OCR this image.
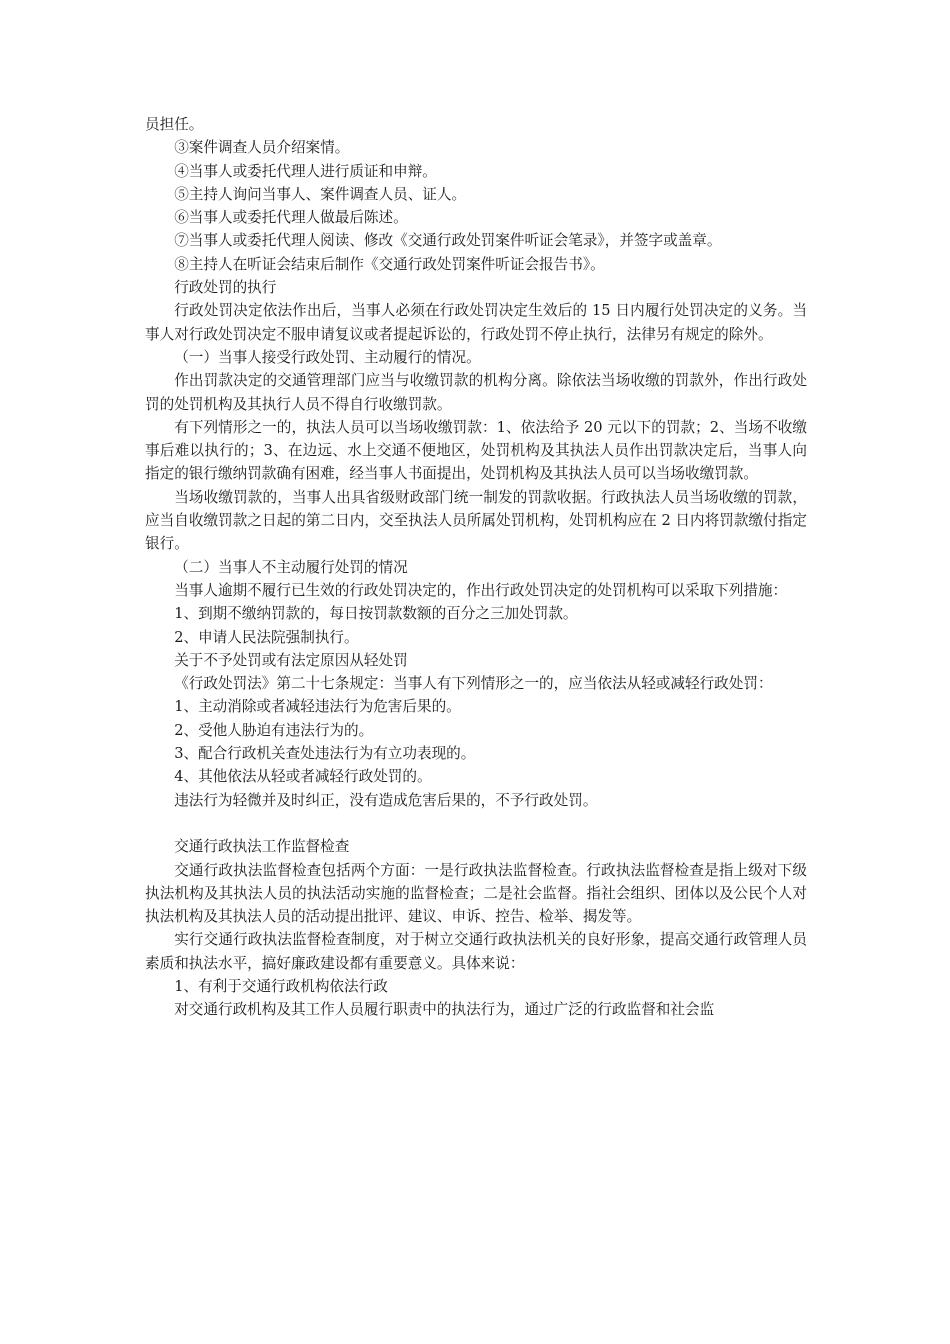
员担任。

③案件调查人员介绍案情。

④当事人或委托代理人进行质证和申辩。

⑤主持人询问当事人、案件调查人员、证人。

⑥当事人或委托代理人做最后陈述。

⑦当事人或委托代理人阅读、修改《交通行政处罚案件听证会笔录》，并签字或盖章。

⑧主持人在听证会结束后制作《交通行政处罚案件听证会报告书》。

行政处罚的执行

行政处罚决定依法作出后，当事人必须在行政处罚决定生效后的 15 日内履行处罚决定的义务。当事人对行政处罚决定不服申请复议或者提起诉讼的，行政处罚不停止执行，法律另有规定的除外。

（一）当事人接受行政处罚、主动履行的情况。

作出罚款决定的交通管理部门应当与收缴罚款的机构分离。除依法当场收缴的罚款外，作出行政处罚的处罚机构及其执行人员不得自行收缴罚款。

有下列情形之一的，执法人员可以当场收缴罚款：1、依法给予 20 元以下的罚款；2、当场不收缴事后难以执行的；3、在边远、水上交通不便地区，处罚机构及其执法人员作出罚款决定后，当事人向指定的银行缴纳罚款确有困难，经当事人书面提出，处罚机构及其执法人员可以当场收缴罚款。

当场收缴罚款的，当事人出具省级财政部门统一制发的罚款收据。行政执法人员当场收缴的罚款，应当自收缴罚款之日起的第二日内，交至执法人员所属处罚机构，处罚机构应在 2 日内将罚款缴付指定银行。

（二）当事人不主动履行处罚的情况

当事人逾期不履行已生效的行政处罚决定的，作出行政处罚决定的处罚机构可以采取下列措施：

1、到期不缴纳罚款的，每日按罚款数额的百分之三加处罚款。

2、申请人民法院强制执行。

关于不予处罚或有法定原因从轻处罚

《行政处罚法》第二十七条规定：当事人有下列情形之一的，应当依法从轻或减轻行政处罚：

1、主动消除或者减轻违法行为危害后果的。

2、受他人胁迫有违法行为的。

3、配合行政机关查处违法行为有立功表现的。

4、其他依法从轻或者减轻行政处罚的。

违法行为轻微并及时纠正，没有造成危害后果的，不予行政处罚。

交通行政执法工作监督检查

交通行政执法监督检查包括两个方面：一是行政执法监督检查。行政执法监督检查是指上级对下级执法机构及其执法人员的执法活动实施的监督检查；二是社会监督。指社会组织、团体以及公民个人对执法机构及其执法人员的活动提出批评、建议、申诉、控告、检举、揭发等。

实行交通行政执法监督检查制度，对于树立交通行政执法机关的良好形象，提高交通行政管理人员素质和执法水平，搞好廉政建设都有重要意义。具体来说：

1、有利于交通行政机构依法行政

对交通行政机构及其工作人员履行职责中的执法行为，通过广泛的行政监督和社会监
